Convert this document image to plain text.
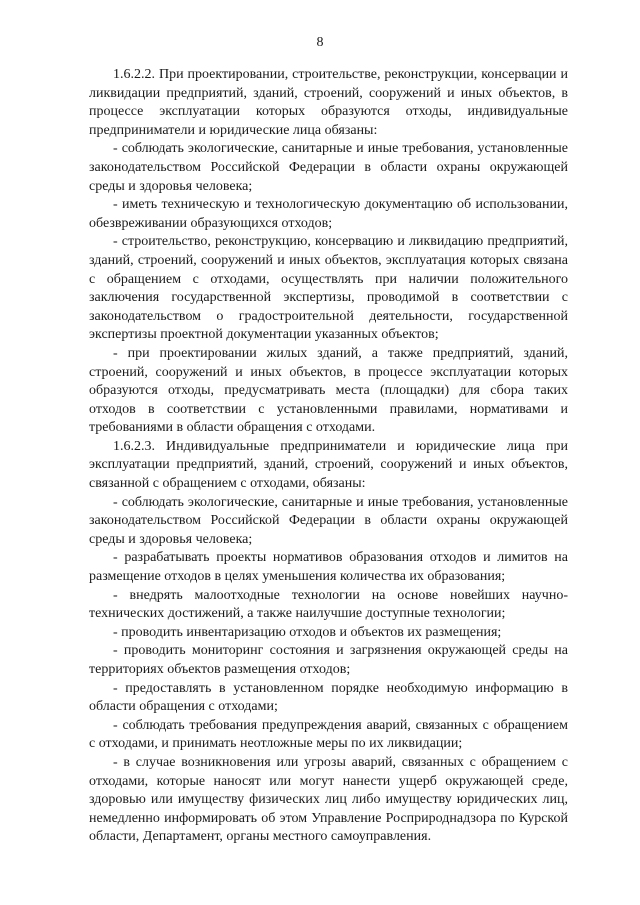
8

1.6.2.2. При проектировании, строительстве, реконструкции, консервации и ликвидации предприятий, зданий, строений, сооружений и иных объектов, в процессе эксплуатации которых образуются отходы, индивидуальные предприниматели и юридические лица обязаны:

- соблюдать экологические, санитарные и иные требования, установленные законодательством Российской Федерации в области охраны окружающей среды и здоровья человека;

- иметь техническую и технологическую документацию об использовании, обезвреживании образующихся отходов;

- строительство, реконструкцию, консервацию и ликвидацию предприятий, зданий, строений, сооружений и иных объектов, эксплуатация которых связана с обращением с отходами, осуществлять при наличии положительного заключения государственной экспертизы, проводимой в соответствии с законодательством о градостроительной деятельности, государственной экспертизы проектной документации указанных объектов;

- при проектировании жилых зданий, а также предприятий, зданий, строений, сооружений и иных объектов, в процессе эксплуатации которых образуются отходы, предусматривать места (площадки) для сбора таких отходов в соответствии с установленными правилами, нормативами и требованиями в области обращения с отходами.

1.6.2.3. Индивидуальные предприниматели и юридические лица при эксплуатации предприятий, зданий, строений, сооружений и иных объектов, связанной с обращением с отходами, обязаны:

- соблюдать экологические, санитарные и иные требования, установленные законодательством Российской Федерации в области охраны окружающей среды и здоровья человека;

- разрабатывать проекты нормативов образования отходов и лимитов на размещение отходов в целях уменьшения количества их образования;

- внедрять малоотходные технологии на основе новейших научно-технических достижений, а также наилучшие доступные технологии;

- проводить инвентаризацию отходов и объектов их размещения;

- проводить мониторинг состояния и загрязнения окружающей среды на территориях объектов размещения отходов;

- предоставлять в установленном порядке необходимую информацию в области обращения с отходами;

- соблюдать требования предупреждения аварий, связанных с обращением с отходами, и принимать неотложные меры по их ликвидации;

- в случае возникновения или угрозы аварий, связанных с обращением с отходами, которые наносят или могут нанести ущерб окружающей среде, здоровью или имуществу физических лиц либо имуществу юридических лиц, немедленно информировать об этом Управление Росприроднадзора по Курской области, Департамент, органы местного самоуправления.
